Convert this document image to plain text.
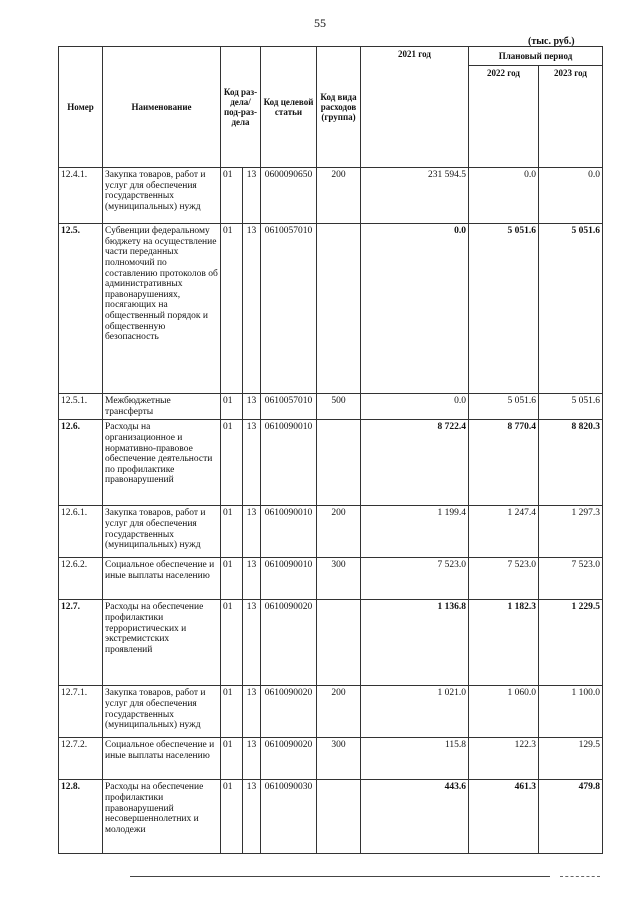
55
(тыс. руб.)
Номер	Наименование	Код раз-дела/ под-раз-дела		Код целевой статьи	Код вида расходов (группа)	2021 год	Плановый период	
							2022 год	2023 год
12.4.1.	Закупка товаров, работ и услуг для обеспечения государственных (муниципальных) нужд	01	13	0600090650	200	231 594.5	0.0	0.0
12.5.	Субвенции федеральному бюджету на осуществление части переданных полномочий по составлению протоколов об административных правонарушениях, посягающих на общественный порядок и общественную безопасность	01	13	0610057010		0.0	5 051.6	5 051.6
12.5.1.	Межбюджетные трансферты	01	13	0610057010	500	0.0	5 051.6	5 051.6
12.6.	Расходы на организационное и нормативно-правовое обеспечение деятельности по профилактике правонарушений	01	13	0610090010		8 722.4	8 770.4	8 820.3
12.6.1.	Закупка товаров, работ и услуг для обеспечения государственных (муниципальных) нужд	01	13	0610090010	200	1 199.4	1 247.4	1 297.3
12.6.2.	Социальное обеспечение и иные выплаты населению	01	13	0610090010	300	7 523.0	7 523.0	7 523.0
12.7.	Расходы на обеспечение профилактики террористических и экстремистских проявлений	01	13	0610090020		1 136.8	1 182.3	1 229.5
12.7.1.	Закупка товаров, работ и услуг для обеспечения государственных (муниципальных) нужд	01	13	0610090020	200	1 021.0	1 060.0	1 100.0
12.7.2.	Социальное обеспечение и иные выплаты населению	01	13	0610090020	300	115.8	122.3	129.5
12.8.	Расходы на обеспечение профилактики правонарушений несовершеннолетних и молодежи	01	13	0610090030		443.6	461.3	479.8
